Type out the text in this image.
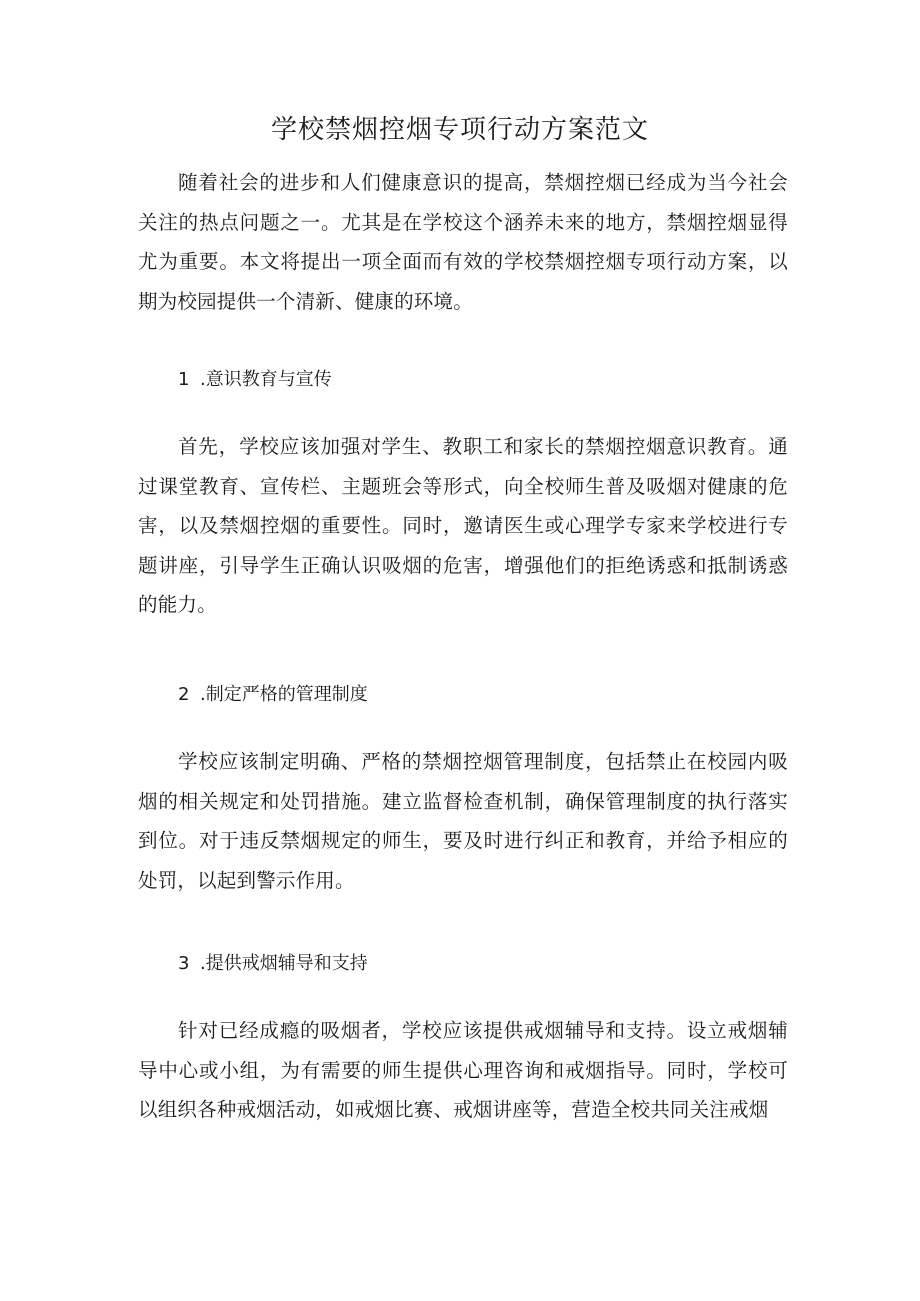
学校禁烟控烟专项行动方案范文

随着社会的进步和人们健康意识的提高，禁烟控烟已经成为当今社会关注的热点问题之一。尤其是在学校这个涵养未来的地方，禁烟控烟显得尤为重要。本文将提出一项全面而有效的学校禁烟控烟专项行动方案，以期为校园提供一个清新、健康的环境。

1 .意识教育与宣传

首先，学校应该加强对学生、教职工和家长的禁烟控烟意识教育。通过课堂教育、宣传栏、主题班会等形式，向全校师生普及吸烟对健康的危害，以及禁烟控烟的重要性。同时，邀请医生或心理学专家来学校进行专题讲座，引导学生正确认识吸烟的危害，增强他们的拒绝诱惑和抵制诱惑的能力。

2 .制定严格的管理制度

学校应该制定明确、严格的禁烟控烟管理制度，包括禁止在校园内吸烟的相关规定和处罚措施。建立监督检查机制，确保管理制度的执行落实到位。对于违反禁烟规定的师生，要及时进行纠正和教育，并给予相应的处罚，以起到警示作用。

3 .提供戒烟辅导和支持

针对已经成瘾的吸烟者，学校应该提供戒烟辅导和支持。设立戒烟辅导中心或小组，为有需要的师生提供心理咨询和戒烟指导。同时，学校可以组织各种戒烟活动，如戒烟比赛、戒烟讲座等，营造全校共同关注戒烟
